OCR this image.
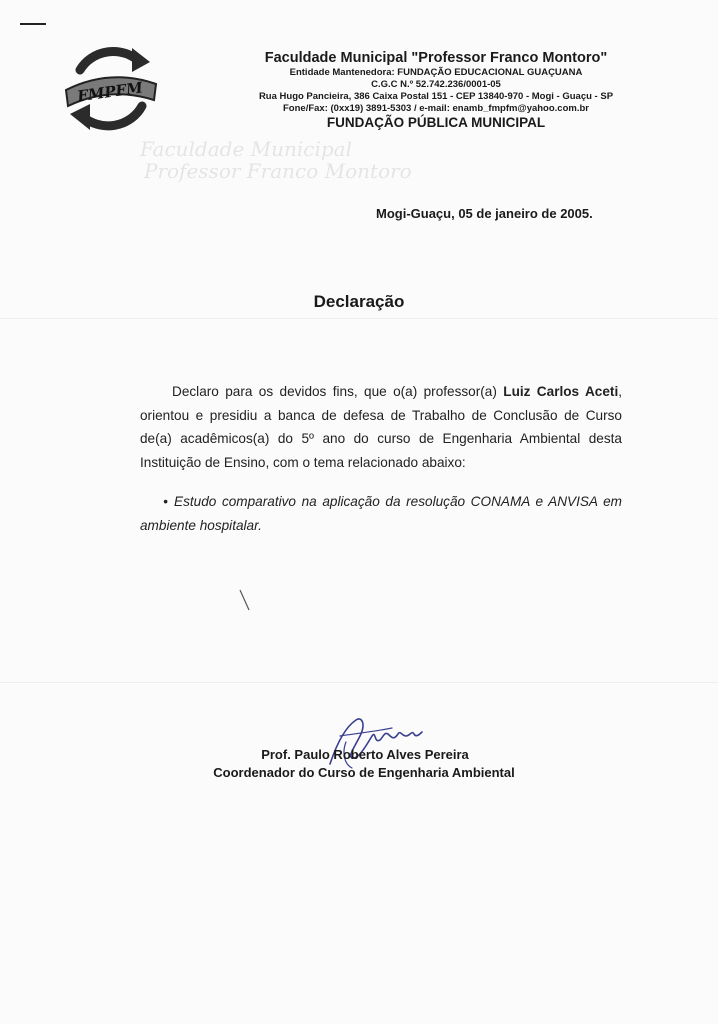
FMPFM
Faculdade Municipal
Professor Franco Montoro
Faculdade Municipal "Professor Franco Montoro"
Entidade Mantenedora: FUNDAÇÃO EDUCACIONAL GUAÇUANA
C.G.C N.º 52.742.236/0001-05
Rua Hugo Pancieira, 386 Caixa Postal 151 - CEP 13840-970 - Mogi - Guaçu - SP
Fone/Fax: (0xx19) 3891-5303 / e-mail: enamb_fmpfm@yahoo.com.br
FUNDAÇÃO PÚBLICA MUNICIPAL
Mogi-Guaçu, 05 de janeiro de 2005.
Declaração
Declaro para os devidos fins, que o(a) professor(a) Luiz Carlos Aceti, orientou e presidiu a banca de defesa de Trabalho de Conclusão de Curso de(a) acadêmicos(a) do 5º ano do curso de Engenharia Ambiental desta Instituição de Ensino, com o tema relacionado abaixo:
• Estudo comparativo na aplicação da resolução CONAMA e ANVISA em ambiente hospitalar.
Prof. Paulo Roberto Alves Pereira
Coordenador do Curso de Engenharia Ambiental
